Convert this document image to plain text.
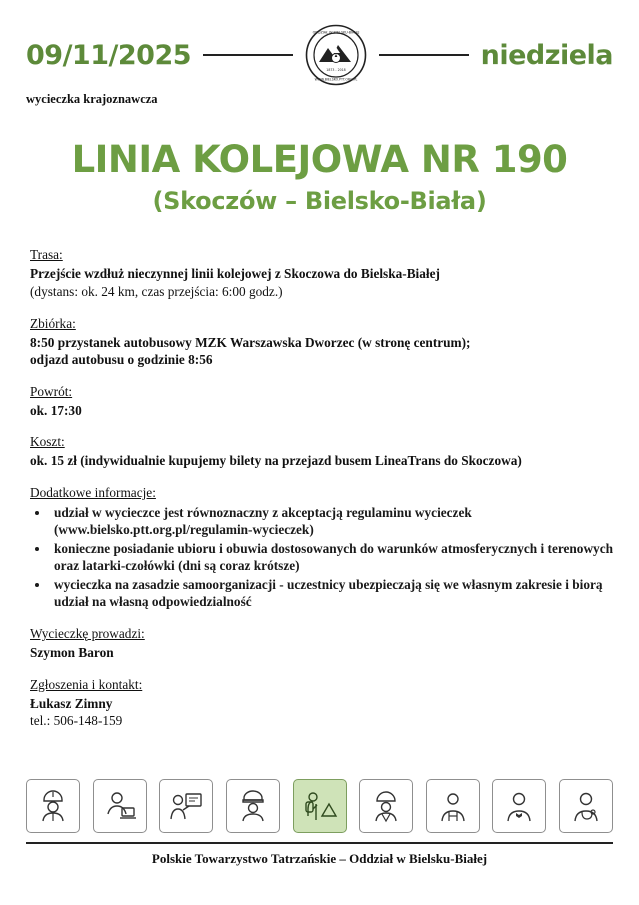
09/11/2025
ODDZIAŁ W BIELSKU-BIAŁEJ
WWW.BIELSKO.PTT.ORG.PL
1873 - 2018	niedziela
wycieczka krajoznawcza
LINIA KOLEJOWA NR 190
(Skoczów – Bielsko-Biała)
Trasa:
Przejście wzdłuż nieczynnej linii kolejowej z Skoczowa do Bielska-Białej
(dystans: ok. 24 km, czas przejścia: 6:00 godz.)
Zbiórka:
8:50 przystanek autobusowy MZK Warszawska Dworzec (w stronę centrum);
odjazd autobusu o godzinie 8:56
Powrót:
ok. 17:30
Koszt:
ok. 15 zł (indywidualnie kupujemy bilety na przejazd busem LineaTrans do Skoczowa)
Dodatkowe informacje:
• udział w wycieczce jest równoznaczny z akceptacją regulaminu wycieczek (www.bielsko.ptt.org.pl/regulamin-wycieczek)
• konieczne posiadanie ubioru i obuwia dostosowanych do warunków atmosferycznych i terenowych oraz latarki-czołówki (dni są coraz krótsze)
• wycieczka na zasadzie samoorganizacji - uczestnicy ubezpieczają się we własnym zakresie i biorą udział na własną odpowiedzialność
Wycieczkę prowadzi:
Szymon Baron
Zgłoszenia i kontakt:
Łukasz Zimny
tel.: 506-148-159
Polskie Towarzystwo Tatrzańskie – Oddział w Bielsku-Białej
